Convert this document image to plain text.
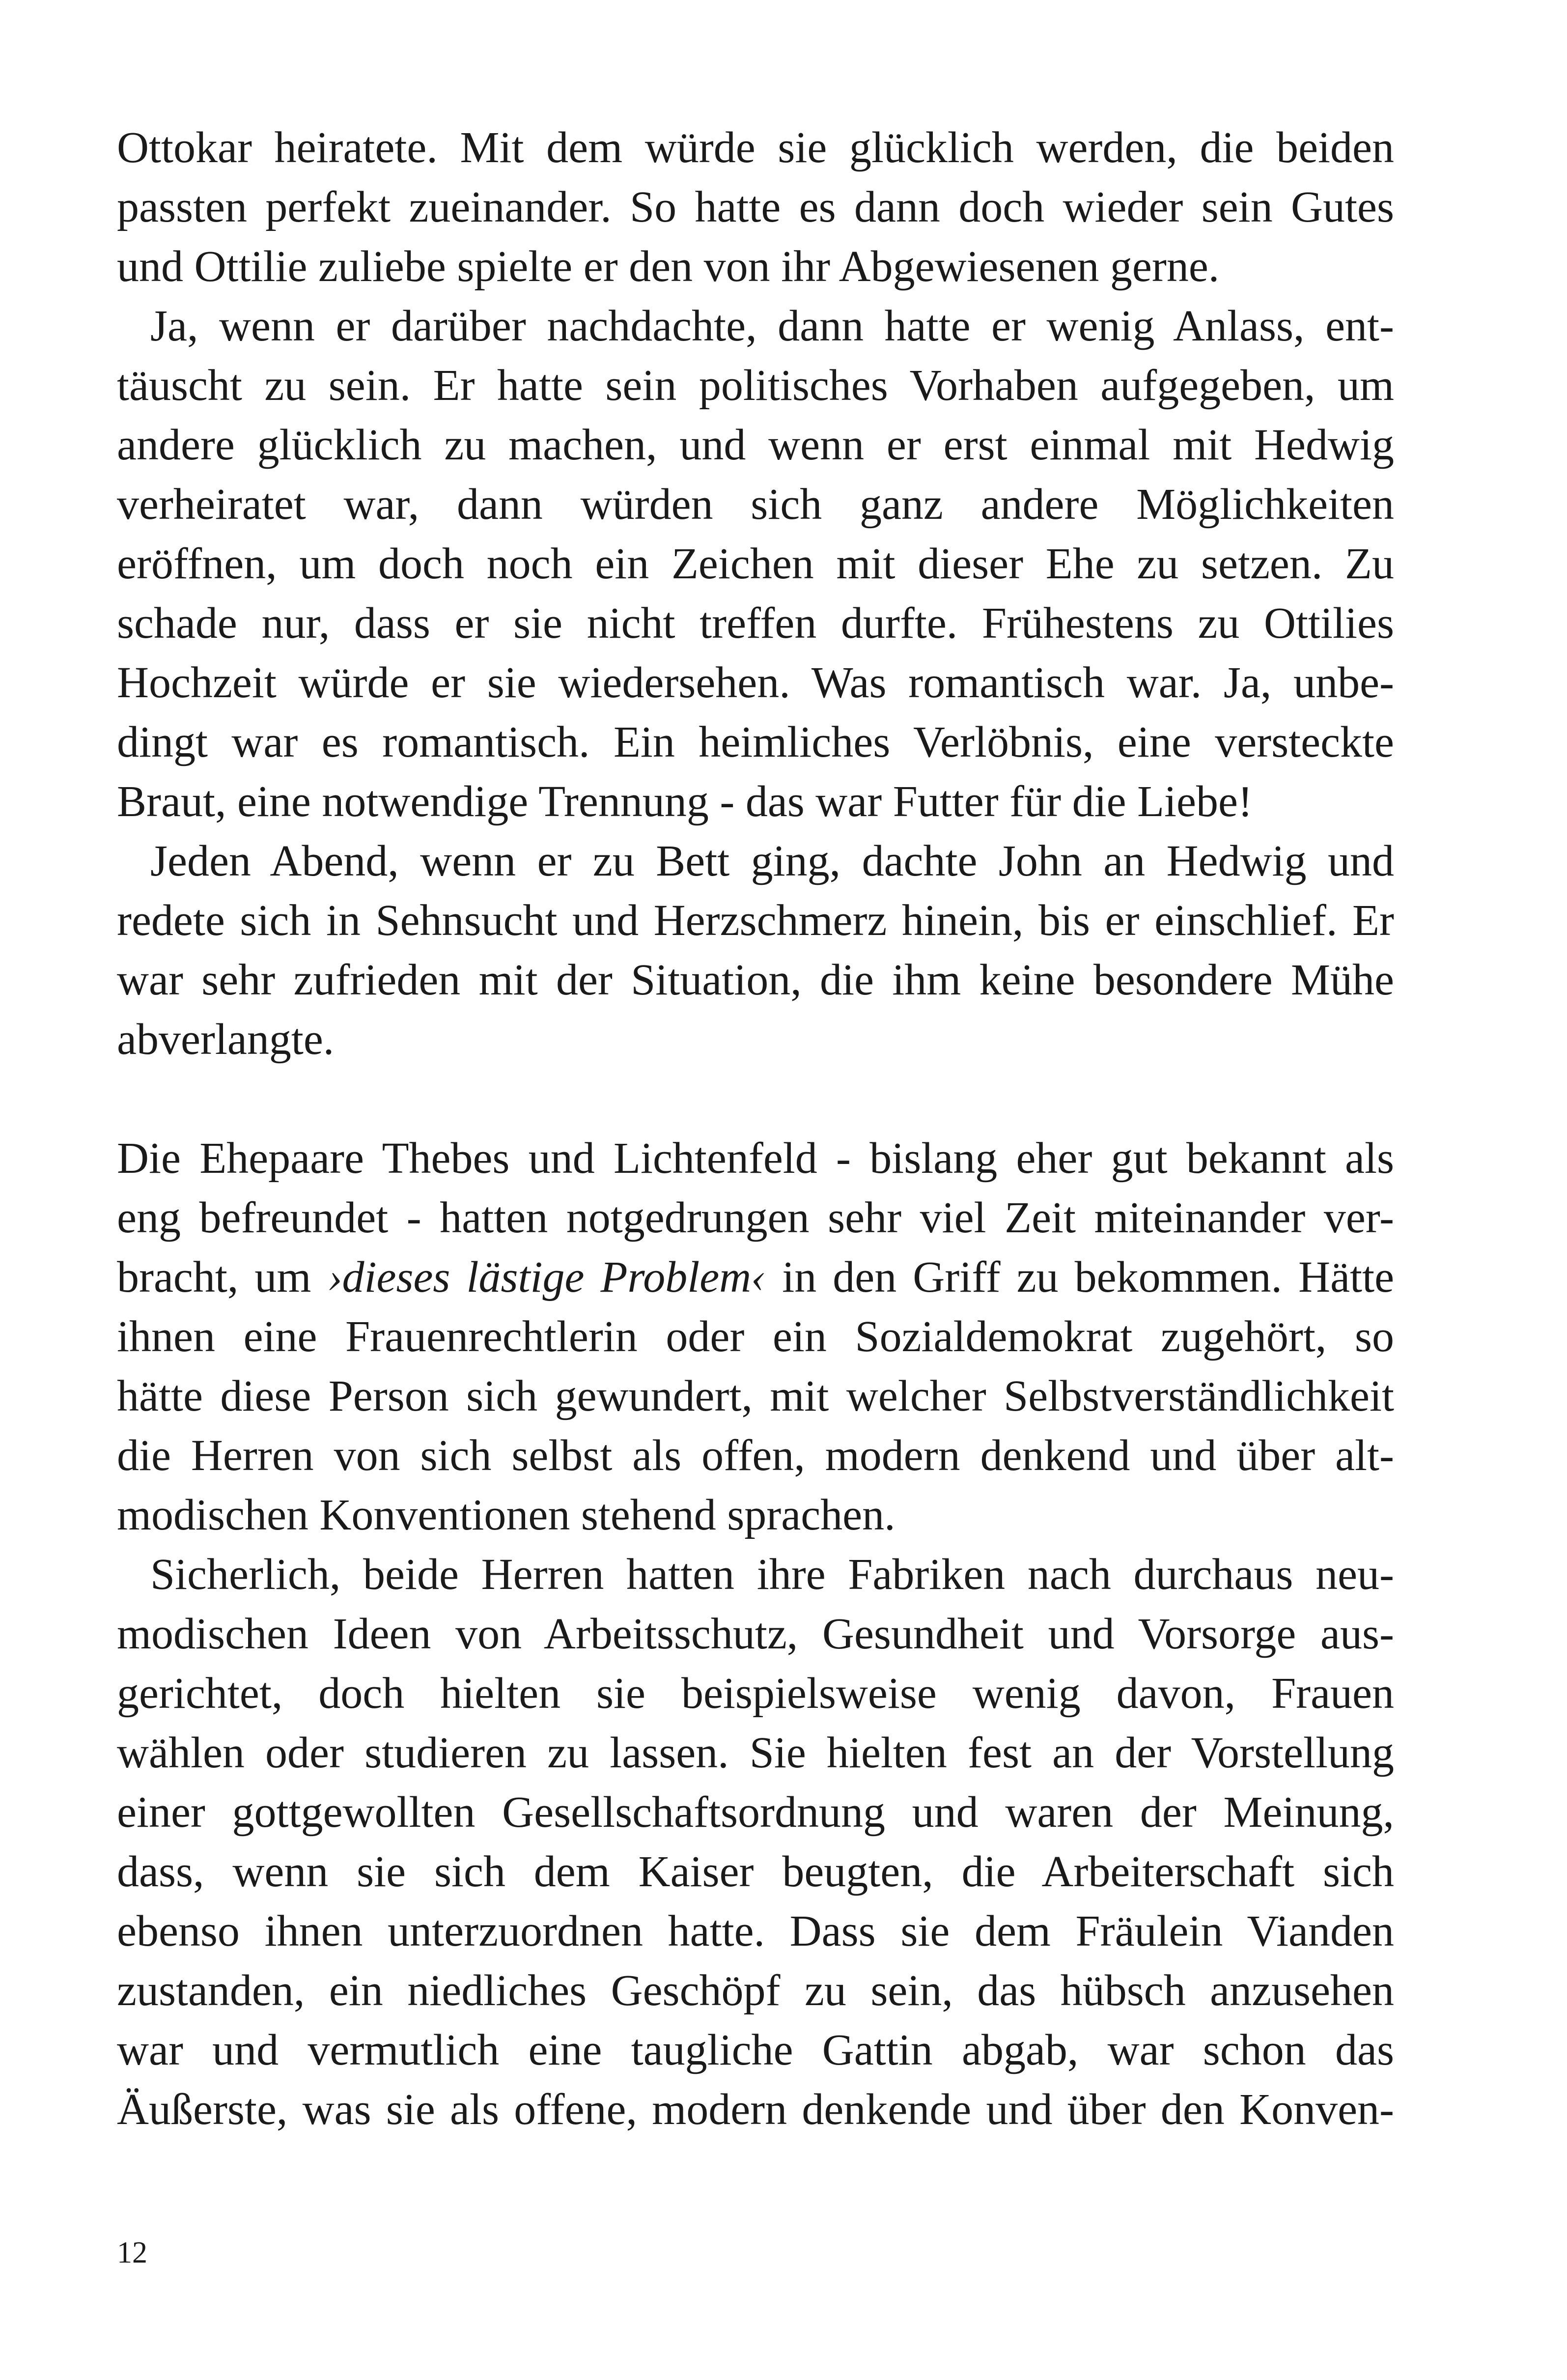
Ottokar heiratete. Mit dem würde sie glücklich werden, die beiden
passten perfekt zueinander. So hatte es dann doch wieder sein Gutes
und Ottilie zuliebe spielte er den von ihr Abgewiesenen gerne.
Ja, wenn er darüber nachdachte, dann hatte er wenig Anlass, ent-
täuscht zu sein. Er hatte sein politisches Vorhaben aufgegeben, um
andere glücklich zu machen, und wenn er erst einmal mit Hedwig
verheiratet war, dann würden sich ganz andere Möglichkeiten
eröffnen, um doch noch ein Zeichen mit dieser Ehe zu setzen. Zu
schade nur, dass er sie nicht treffen durfte. Frühestens zu Ottilies
Hochzeit würde er sie wiedersehen. Was romantisch war. Ja, unbe-
dingt war es romantisch. Ein heimliches Verlöbnis, eine versteckte
Braut, eine notwendige Trennung - das war Futter für die Liebe!
Jeden Abend, wenn er zu Bett ging, dachte John an Hedwig und
redete sich in Sehnsucht und Herzschmerz hinein, bis er einschlief. Er
war sehr zufrieden mit der Situation, die ihm keine besondere Mühe
abverlangte.
Die Ehepaare Thebes und Lichtenfeld - bislang eher gut bekannt als
eng befreundet - hatten notgedrungen sehr viel Zeit miteinander ver-
bracht, um ›dieses lästige Problem‹ in den Griff zu bekommen. Hätte
ihnen eine Frauenrechtlerin oder ein Sozialdemokrat zugehört, so
hätte diese Person sich gewundert, mit welcher Selbstverständlichkeit
die Herren von sich selbst als offen, modern denkend und über alt-
modischen Konventionen stehend sprachen.
Sicherlich, beide Herren hatten ihre Fabriken nach durchaus neu-
modischen Ideen von Arbeitsschutz, Gesundheit und Vorsorge aus-
gerichtet, doch hielten sie beispielsweise wenig davon, Frauen
wählen oder studieren zu lassen. Sie hielten fest an der Vorstellung
einer gottgewollten Gesellschaftsordnung und waren der Meinung,
dass, wenn sie sich dem Kaiser beugten, die Arbeiterschaft sich
ebenso ihnen unterzuordnen hatte. Dass sie dem Fräulein Vianden
zustanden, ein niedliches Geschöpf zu sein, das hübsch anzusehen
war und vermutlich eine taugliche Gattin abgab, war schon das
Äußerste, was sie als offene, modern denkende und über den Konven-
12
